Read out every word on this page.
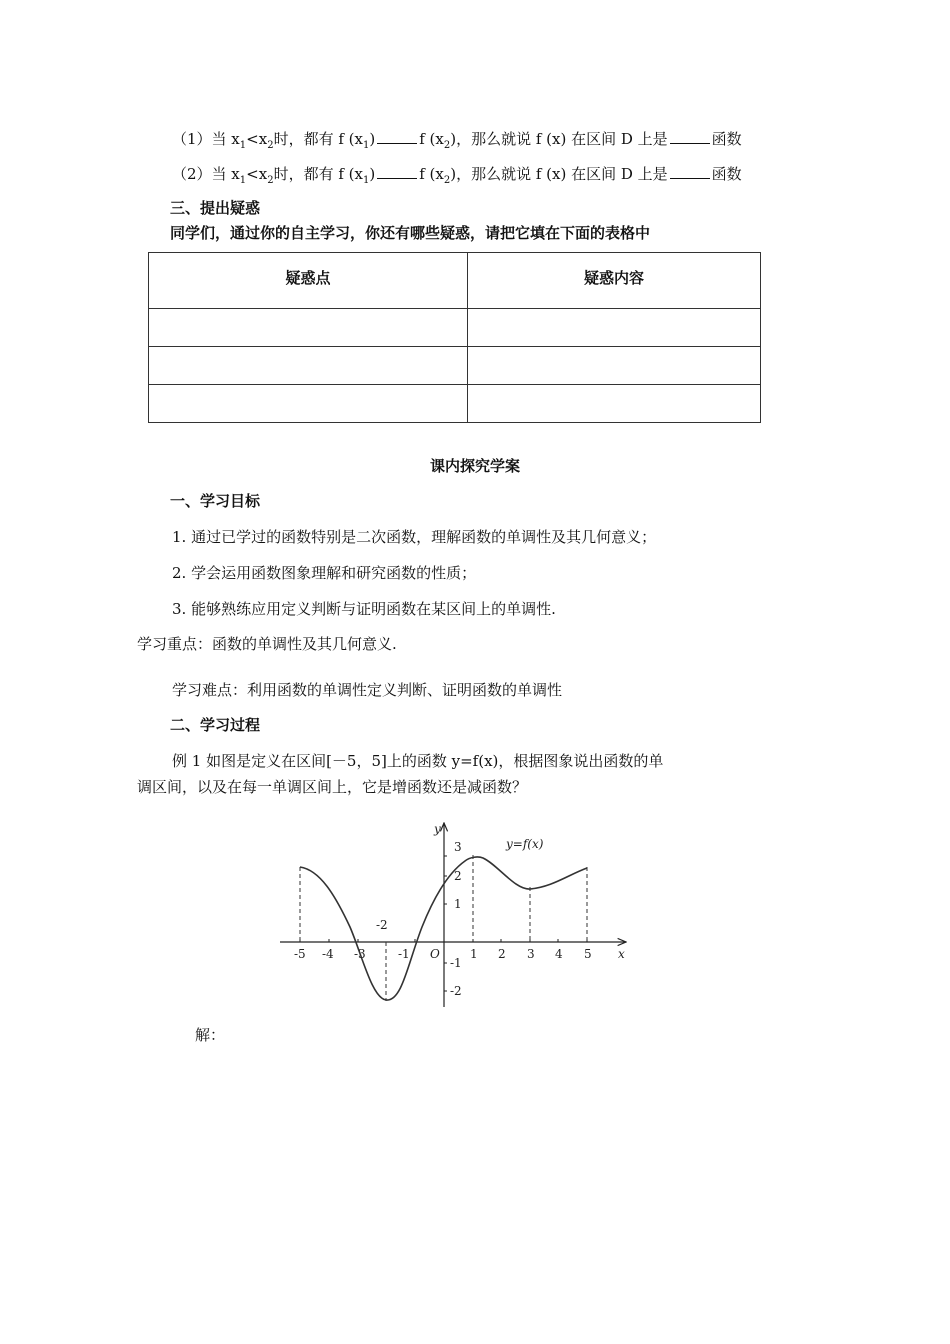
（1）当 $x_1<x_2$时，都有 f $(x_1)$	f $(x_2)$，那么就说 f (x) 在区间 D 上是	函数
（2）当 $x_1<x_2$时，都有 f $(x_1)$	f $(x_2)$，那么就说 f (x) 在区间 D 上是	函数
三、提出疑惑
同学们，通过你的自主学习，你还有哪些疑惑，请把它填在下面的表格中
疑惑点	疑惑内容

课内探究学案
一、学习目标
1. 通过已学过的函数特别是二次函数，理解函数的单调性及其几何意义；
2. 学会运用函数图象理解和研究函数的性质；
3. 能够熟练应用定义判断与证明函数在某区间上的单调性.
学习重点：函数的单调性及其几何意义.
学习难点：利用函数的单调性定义判断、证明函数的单调性
二、学习过程
例 1 如图是定义在区间[－5，5]上的函数 y=f(x)，根据图象说出函数的单
调区间，以及在每一单调区间上，它是增函数还是减函数？
-5 -4 -3	-1	1 2 3 4 5 x
O
3
2
1
-1
-2
y
-2
y=f(x)
解：
